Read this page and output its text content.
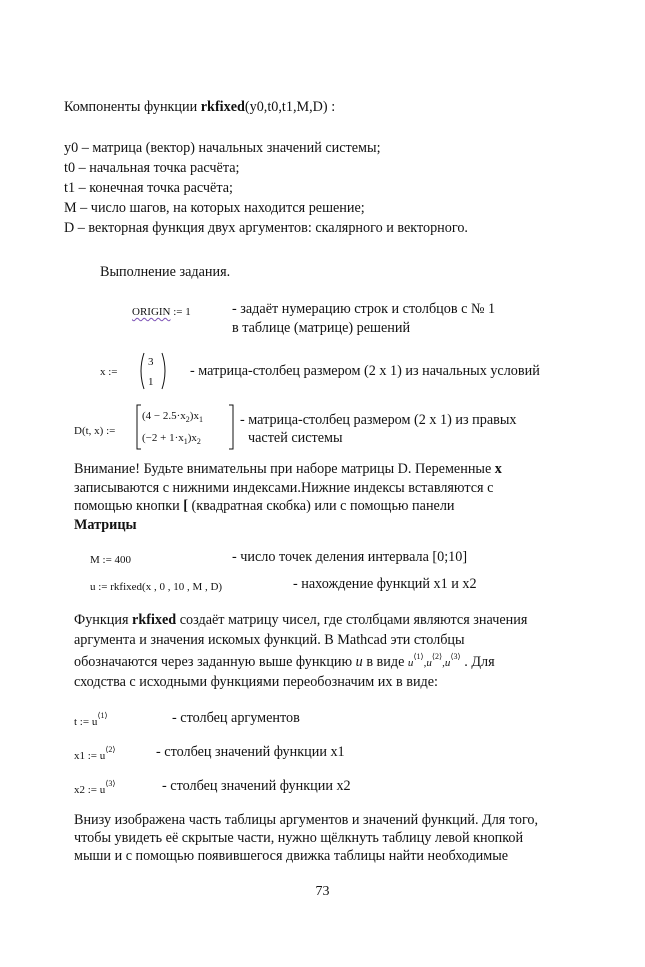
Компоненты функции rkfixed(y0,t0,t1,M,D) :
y0 – матрица (вектор) начальных значений системы;
t0 – начальная точка расчёта;
t1 – конечная точка расчёта;
M – число шагов, на которых находится решение;
D – векторная функция двух аргументов: скалярного и векторного.
Выполнение задания.
ORIGIN := 1	- задаёт нумерацию строк и столбцов с № 1
в таблице (матрице) решений
x :=
3
1
- матрица-столбец размером (2 х 1) из начальных условий
D(t, x) :=
$(4 - 2.5\cdot x_2)x_1$
$(-2 + 1\cdot x_1)x_2$
- матрица-столбец размером (2 х 1) из правых
частей системы
Внимание! Будьте внимательны при наборе матрицы D. Переменные x
записываются с нижними индексами.Нижние индексы вставляются с
помощью кнопки [ (квадратная скобка) или с помощью панели
Матрицы
M := 400	- число точек деления интервала [0;10]
u := rkfixed(x , 0 , 10 , M , D)	- нахождение функций x1 и x2
Функция rkfixed создаёт матрицу чисел, где столбцами являются значения
аргумента и значения искомых функций. В Mathcad эти столбцы
обозначаются через заданную выше функцию u в виде $u^{⟨1⟩},u^{⟨2⟩},u^{⟨3⟩}$ . Для
сходства с исходными функциями переобозначим их в виде:
t := $u^{⟨1⟩}$	- столбец аргументов
x1 := $u^{⟨2⟩}$	- столбец значений функции x1
x2 := $u^{⟨3⟩}$	- столбец значений функции x2
Внизу изображена часть таблицы аргументов и значений функций. Для того,
чтобы увидеть её скрытые части, нужно щёлкнуть таблицу левой кнопкой
мыши и с помощью появившегося движка таблицы найти необходимые
73
